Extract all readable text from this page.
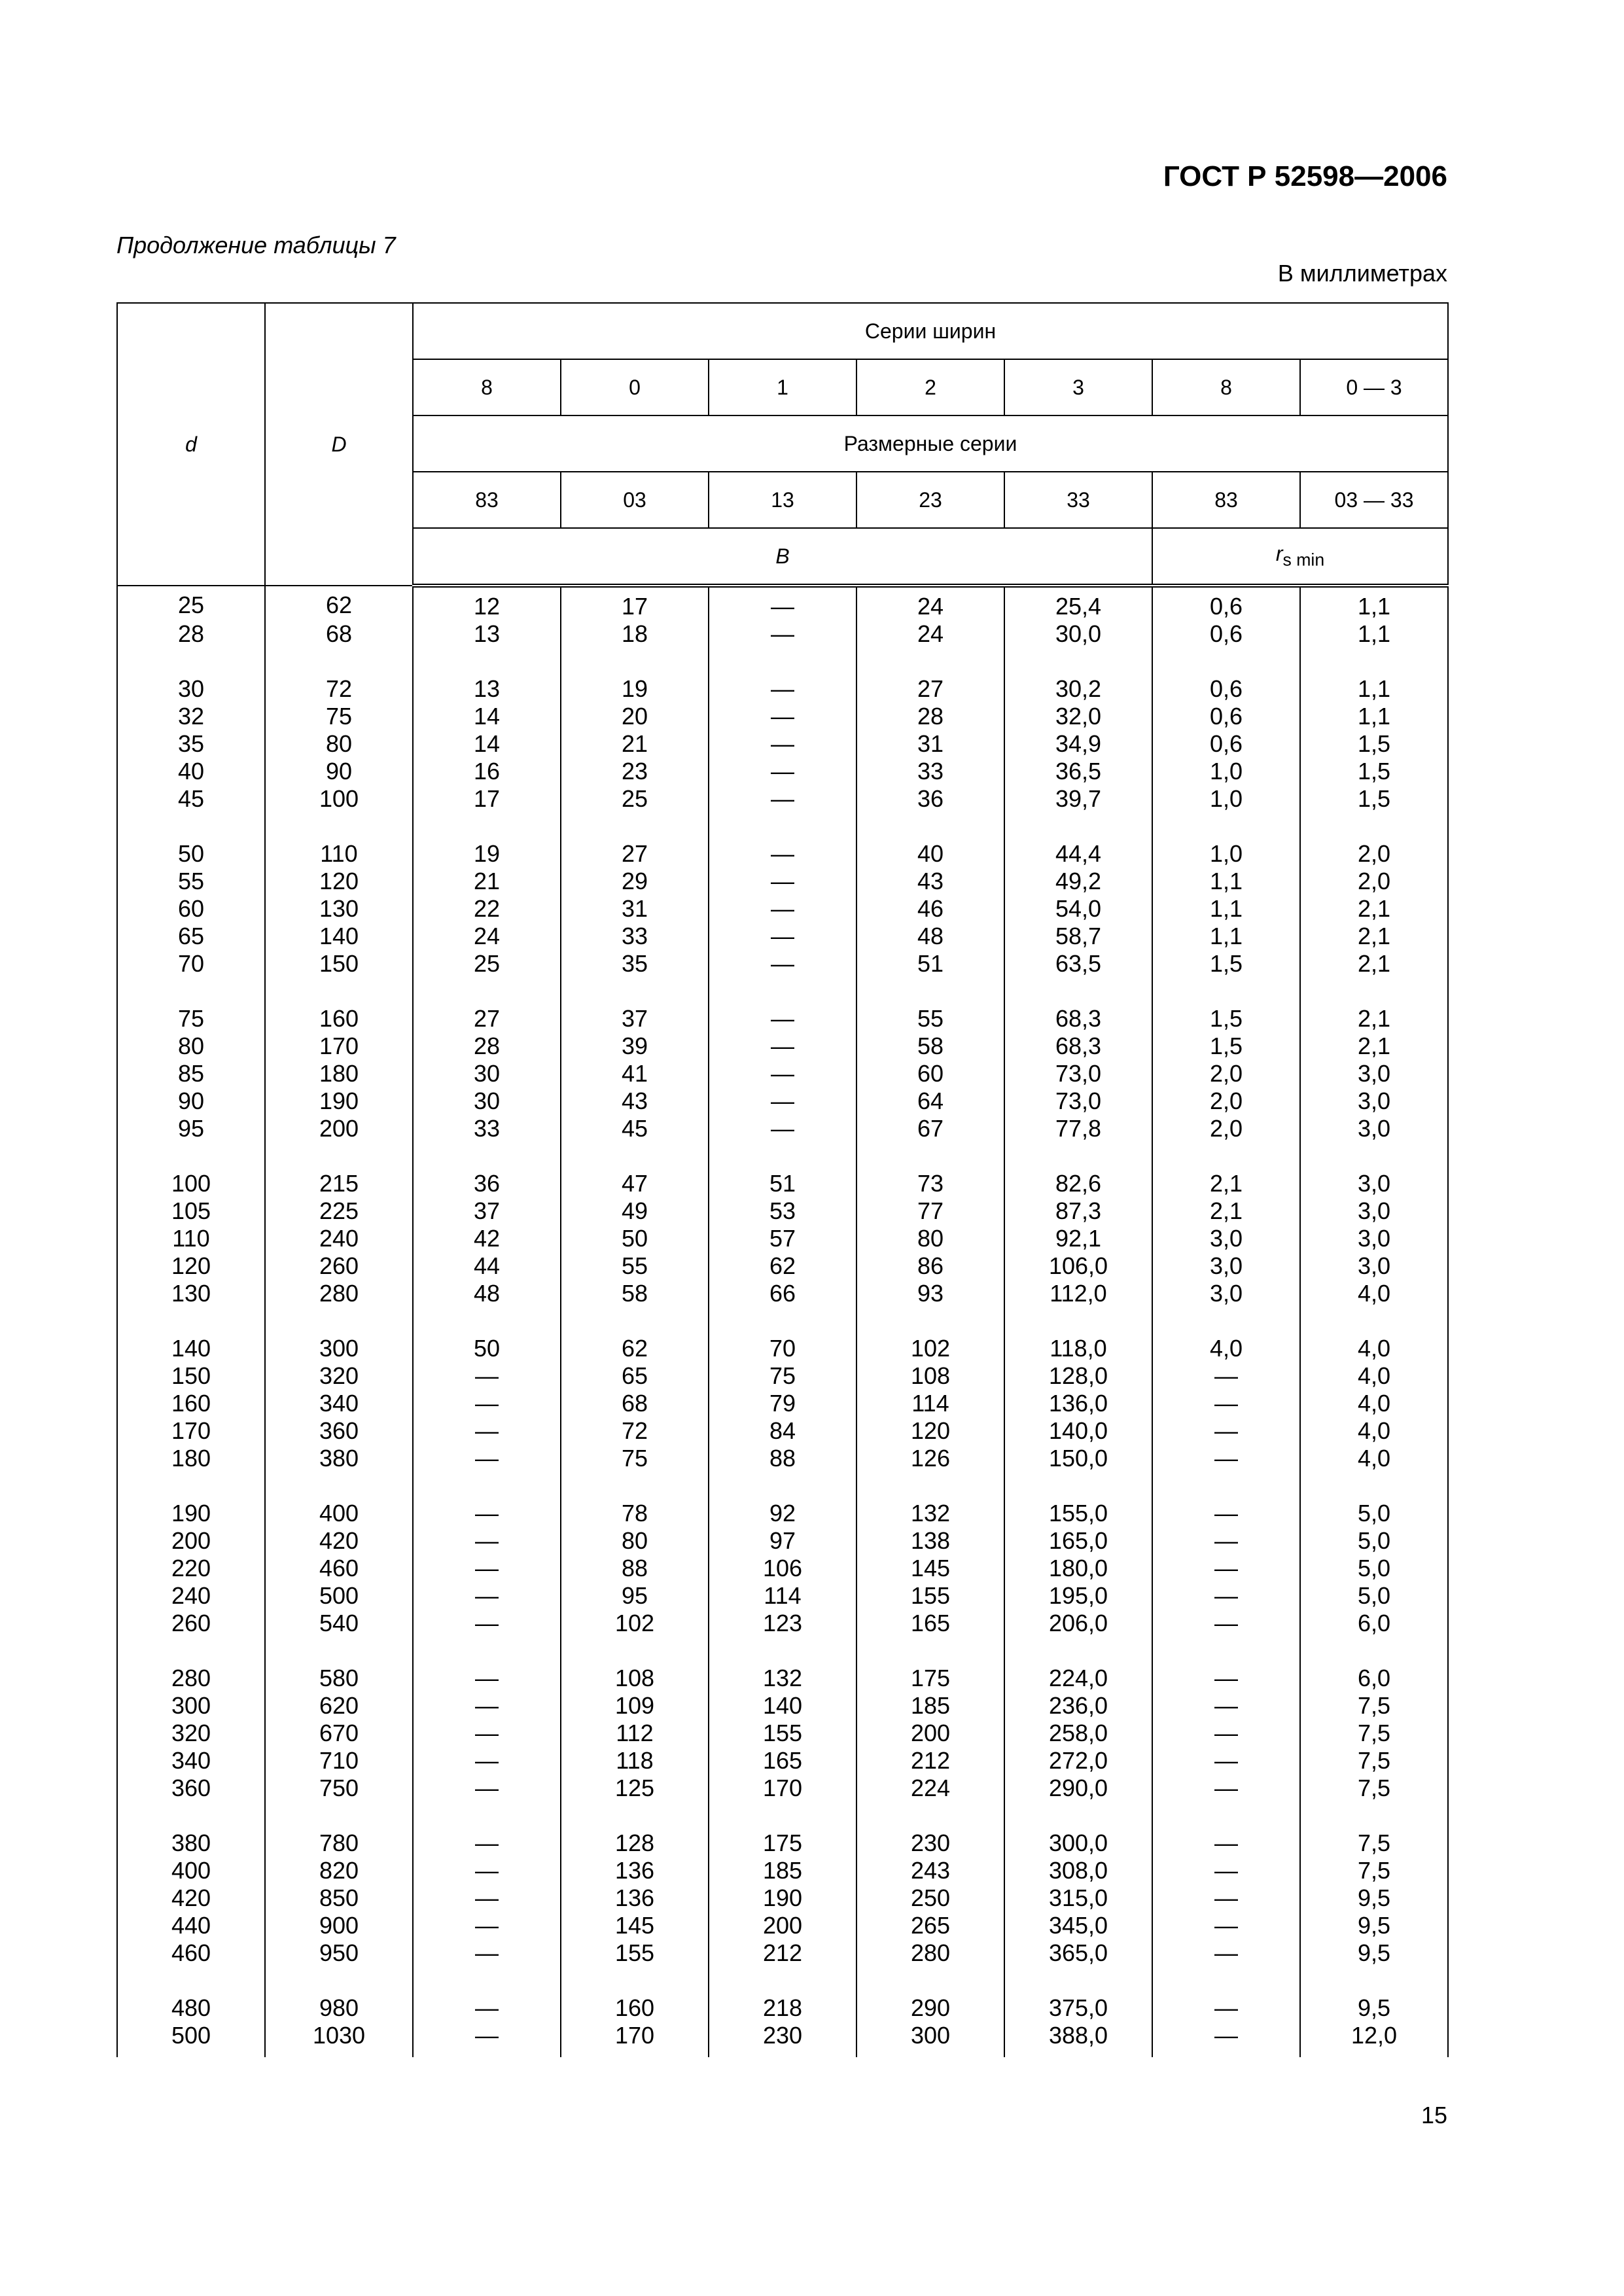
ГОСТ Р 52598—2006
Продолжение таблицы 7
В миллиметрах
d	D	Серии ширин						
		8	0	1	2	3	8	0 — 3
		Размерные серии						
		83	03	13	23	33	83	03 — 33
		B					$r_{s min}$
25	62	12	17	—	24	25,4	0,6	1,1
28	68	13	18	—	24	30,0	0,6	1,1

30	72	13	19	—	27	30,2	0,6	1,1
32	75	14	20	—	28	32,0	0,6	1,1
35	80	14	21	—	31	34,9	0,6	1,5
40	90	16	23	—	33	36,5	1,0	1,5
45	100	17	25	—	36	39,7	1,0	1,5

50	110	19	27	—	40	44,4	1,0	2,0
55	120	21	29	—	43	49,2	1,1	2,0
60	130	22	31	—	46	54,0	1,1	2,1
65	140	24	33	—	48	58,7	1,1	2,1
70	150	25	35	—	51	63,5	1,5	2,1

75	160	27	37	—	55	68,3	1,5	2,1
80	170	28	39	—	58	68,3	1,5	2,1
85	180	30	41	—	60	73,0	2,0	3,0
90	190	30	43	—	64	73,0	2,0	3,0
95	200	33	45	—	67	77,8	2,0	3,0

100	215	36	47	51	73	82,6	2,1	3,0
105	225	37	49	53	77	87,3	2,1	3,0
110	240	42	50	57	80	92,1	3,0	3,0
120	260	44	55	62	86	106,0	3,0	3,0
130	280	48	58	66	93	112,0	3,0	4,0

140	300	50	62	70	102	118,0	4,0	4,0
150	320	—	65	75	108	128,0	—	4,0
160	340	—	68	79	114	136,0	—	4,0
170	360	—	72	84	120	140,0	—	4,0
180	380	—	75	88	126	150,0	—	4,0

190	400	—	78	92	132	155,0	—	5,0
200	420	—	80	97	138	165,0	—	5,0
220	460	—	88	106	145	180,0	—	5,0
240	500	—	95	114	155	195,0	—	5,0
260	540	—	102	123	165	206,0	—	6,0

280	580	—	108	132	175	224,0	—	6,0
300	620	—	109	140	185	236,0	—	7,5
320	670	—	112	155	200	258,0	—	7,5
340	710	—	118	165	212	272,0	—	7,5
360	750	—	125	170	224	290,0	—	7,5

380	780	—	128	175	230	300,0	—	7,5
400	820	—	136	185	243	308,0	—	7,5
420	850	—	136	190	250	315,0	—	9,5
440	900	—	145	200	265	345,0	—	9,5
460	950	—	155	212	280	365,0	—	9,5

480	980	—	160	218	290	375,0	—	9,5
500	1030	—	170	230	300	388,0	—	12,0
15
